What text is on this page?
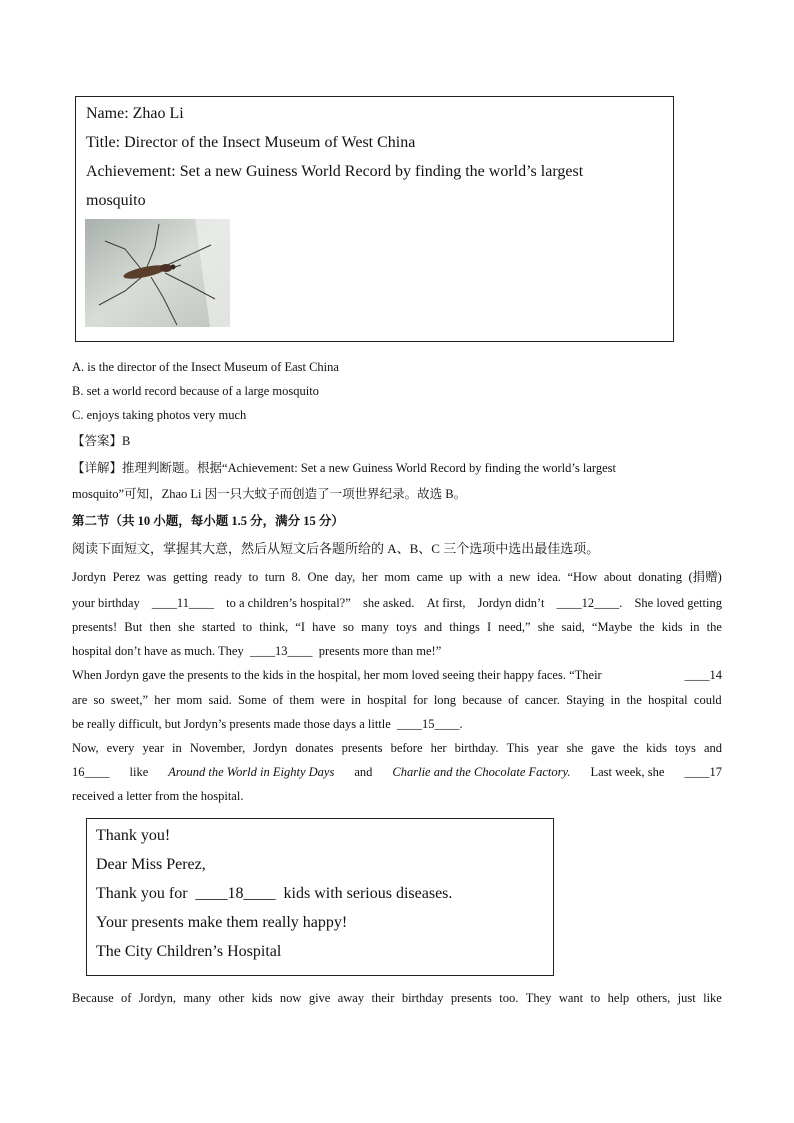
Name: Zhao Li
Title: Director of the Insect Museum of West China
Achievement: Set a new Guiness World Record by finding the world’s largest
mosquito
A. is the director of the Insect Museum of East China
B. set a world record because of a large mosquito
C. enjoys taking photos very much
【答案】B
【详解】推理判断题。根据“Achievement: Set a new Guiness World Record by finding the world’s largest
mosquito”可知，Zhao Li 因一只大蚊子而创造了一项世界纪录。故选 B。
第二节（共 10 小题，每小题 1.5 分，满分 15 分）
阅读下面短文，掌握其大意，然后从短文后各题所给的 A、B、C 三个选项中选出最佳选项。
Jordyn Perez was getting ready to turn 8. One day, her mom came up with a new idea. “How about donating (捐赠)
your birthday ____11____ to a children’s hospital?” she asked. At first, Jordyn didn’t ____12____. She loved getting
presents! But then she started to think, “I have so many toys and things I need,” she said, “Maybe the kids in the
hospital don’t have as much. They ____13____ presents more than me!”
When Jordyn gave the presents to the kids in the hospital, her mom loved seeing their happy faces. “Their	____14
are so sweet,” her mom said. Some of them were in hospital for long because of cancer. Staying in the hospital could
be really difficult, but Jordyn’s presents made those days a little ____15____.
Now, every year in November, Jordyn donates presents before her birthday. This year she gave the kids toys and
16____ like Around the World in Eighty Days and Charlie and the Chocolate Factory. Last week, she ____17
received a letter from the hospital.
Thank you!
Dear Miss Perez,
Thank you for ____18____ kids with serious diseases.
Your presents make them really happy!
The City Children’s Hospital
Because of Jordyn, many other kids now give away their birthday presents too. They want to help others, just like
